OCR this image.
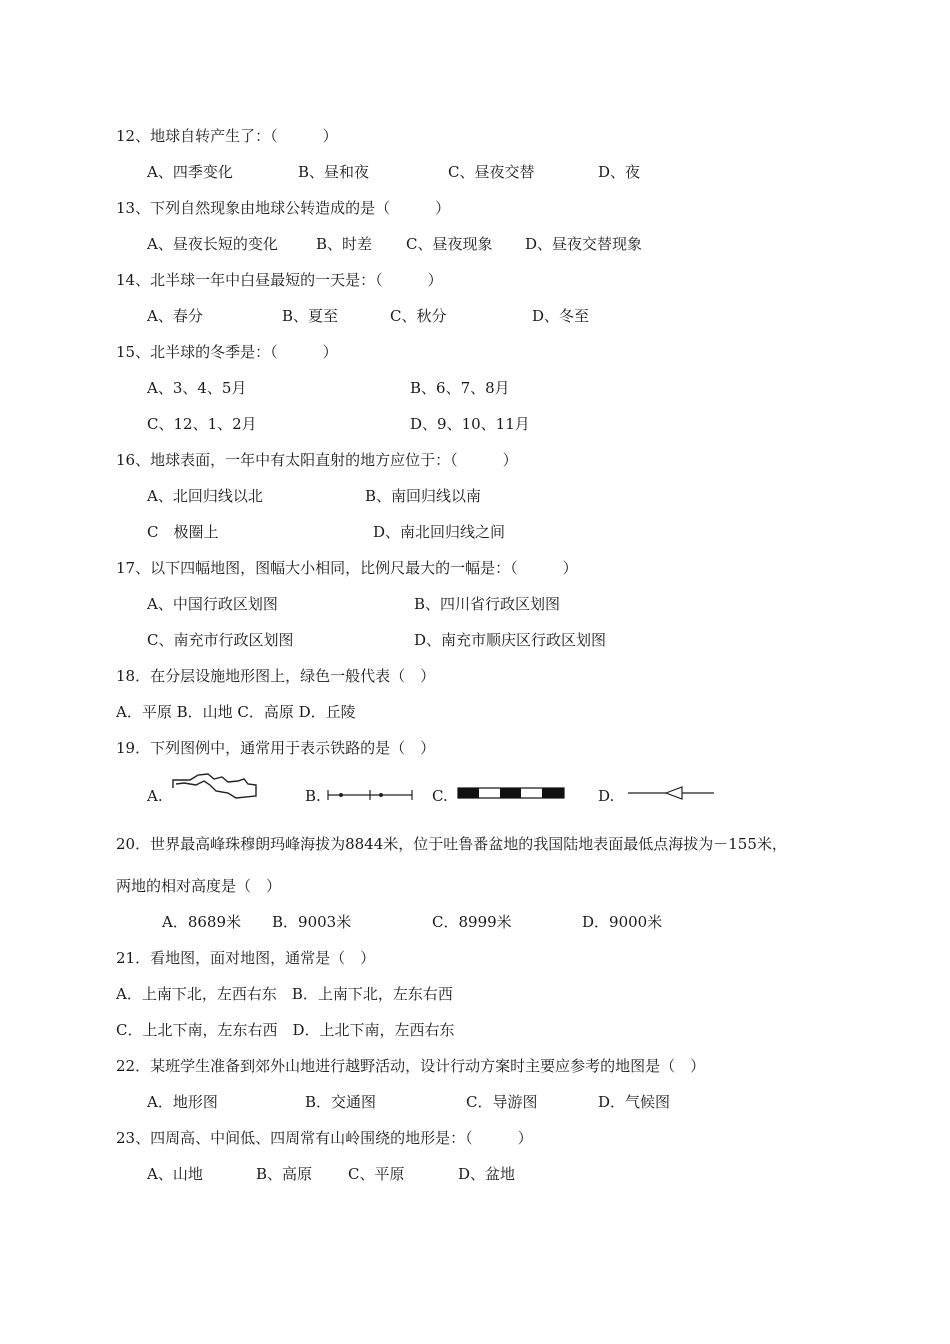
12、地球自转产生了：（　　　）
A、四季变化	B、昼和夜	C、昼夜交替	D、夜
13、下列自然现象由地球公转造成的是（　　　）
A、昼夜长短的变化	B、时差 C、昼夜现象 D、昼夜交替现象
14、北半球一年中白昼最短的一天是：（　　　）
A、春分	B、夏至	C、秋分	D、冬至
15、北半球的冬季是：（　　　）
A、3、4、5月	B、6、7、8月
C、12、1、2月	D、9、10、11月
16、地球表面，一年中有太阳直射的地方应位于：（　　　）
A、北回归线以北	B、南回归线以南
C　极圈上	D、南北回归线之间
17、以下四幅地图，图幅大小相同，比例尺最大的一幅是：（　　　）
A、中国行政区划图	B、四川省行政区划图
C、南充市行政区划图	D、南充市顺庆区行政区划图
18．在分层设施地形图上，绿色一般代表（　）
A．平原 B．山地 C．高原 D．丘陵
19．下列图例中，通常用于表示铁路的是（　）
A.	B.	C.	D.
20．世界最高峰珠穆朗玛峰海拔为8844米，位于吐鲁番盆地的我国陆地表面最低点海拔为－155米，
两地的相对高度是（　）
A．8689米 B．9003米	C．8999米	D．9000米
21．看地图，面对地图，通常是（　）
A．上南下北，左西右东　B．上南下北，左东右西
C．上北下南，左东右西　D．上北下南，左西右东
22．某班学生准备到郊外山地进行越野活动，设计行动方案时主要应参考的地图是（　）
A．地形图	B．交通图	C．导游图	D．气候图
23、四周高、中间低、四周常有山岭围绕的地形是：（　　　）
A、山地	B、高原 C、平原	D、盆地
